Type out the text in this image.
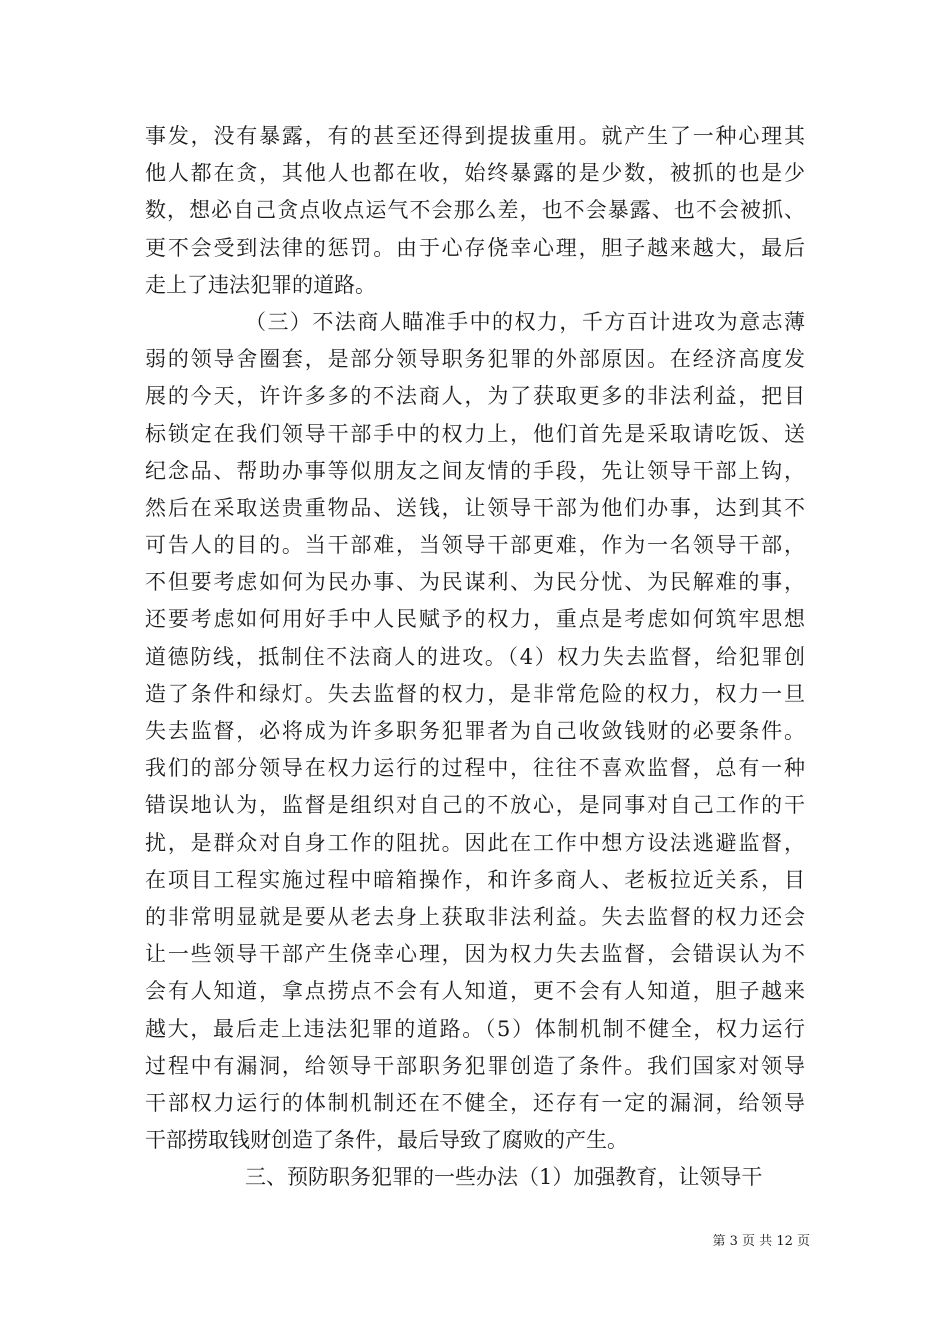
事发，没有暴露，有的甚至还得到提拔重用。就产生了一种心理其
他人都在贪，其他人也都在收，始终暴露的是少数，被抓的也是少
数，想必自己贪点收点运气不会那么差，也不会暴露、也不会被抓、
更不会受到法律的惩罚。由于心存侥幸心理，胆子越来越大，最后
走上了违法犯罪的道路。
（三）不法商人瞄准手中的权力，千方百计进攻为意志薄
弱的领导舍圈套，是部分领导职务犯罪的外部原因。在经济高度发
展的今天，许许多多的不法商人，为了获取更多的非法利益，把目
标锁定在我们领导干部手中的权力上，他们首先是采取请吃饭、送
纪念品、帮助办事等似朋友之间友情的手段，先让领导干部上钩，
然后在采取送贵重物品、送钱，让领导干部为他们办事，达到其不
可告人的目的。当干部难，当领导干部更难，作为一名领导干部，
不但要考虑如何为民办事、为民谋利、为民分忧、为民解难的事，
还要考虑如何用好手中人民赋予的权力，重点是考虑如何筑牢思想
道德防线，抵制住不法商人的进攻。（4）权力失去监督，给犯罪创
造了条件和绿灯。失去监督的权力，是非常危险的权力，权力一旦
失去监督，必将成为许多职务犯罪者为自己收敛钱财的必要条件。
我们的部分领导在权力运行的过程中，往往不喜欢监督，总有一种
错误地认为，监督是组织对自己的不放心，是同事对自己工作的干
扰，是群众对自身工作的阻扰。因此在工作中想方设法逃避监督，
在项目工程实施过程中暗箱操作，和许多商人、老板拉近关系，目
的非常明显就是要从老去身上获取非法利益。失去监督的权力还会
让一些领导干部产生侥幸心理，因为权力失去监督，会错误认为不
会有人知道，拿点捞点不会有人知道，更不会有人知道，胆子越来
越大，最后走上违法犯罪的道路。（5）体制机制不健全，权力运行
过程中有漏洞，给领导干部职务犯罪创造了条件。我们国家对领导
干部权力运行的体制机制还在不健全，还存有一定的漏洞，给领导
干部捞取钱财创造了条件，最后导致了腐败的产生。
三、预防职务犯罪的一些办法（1）加强教育，让领导干
第 3 页 共 12 页
